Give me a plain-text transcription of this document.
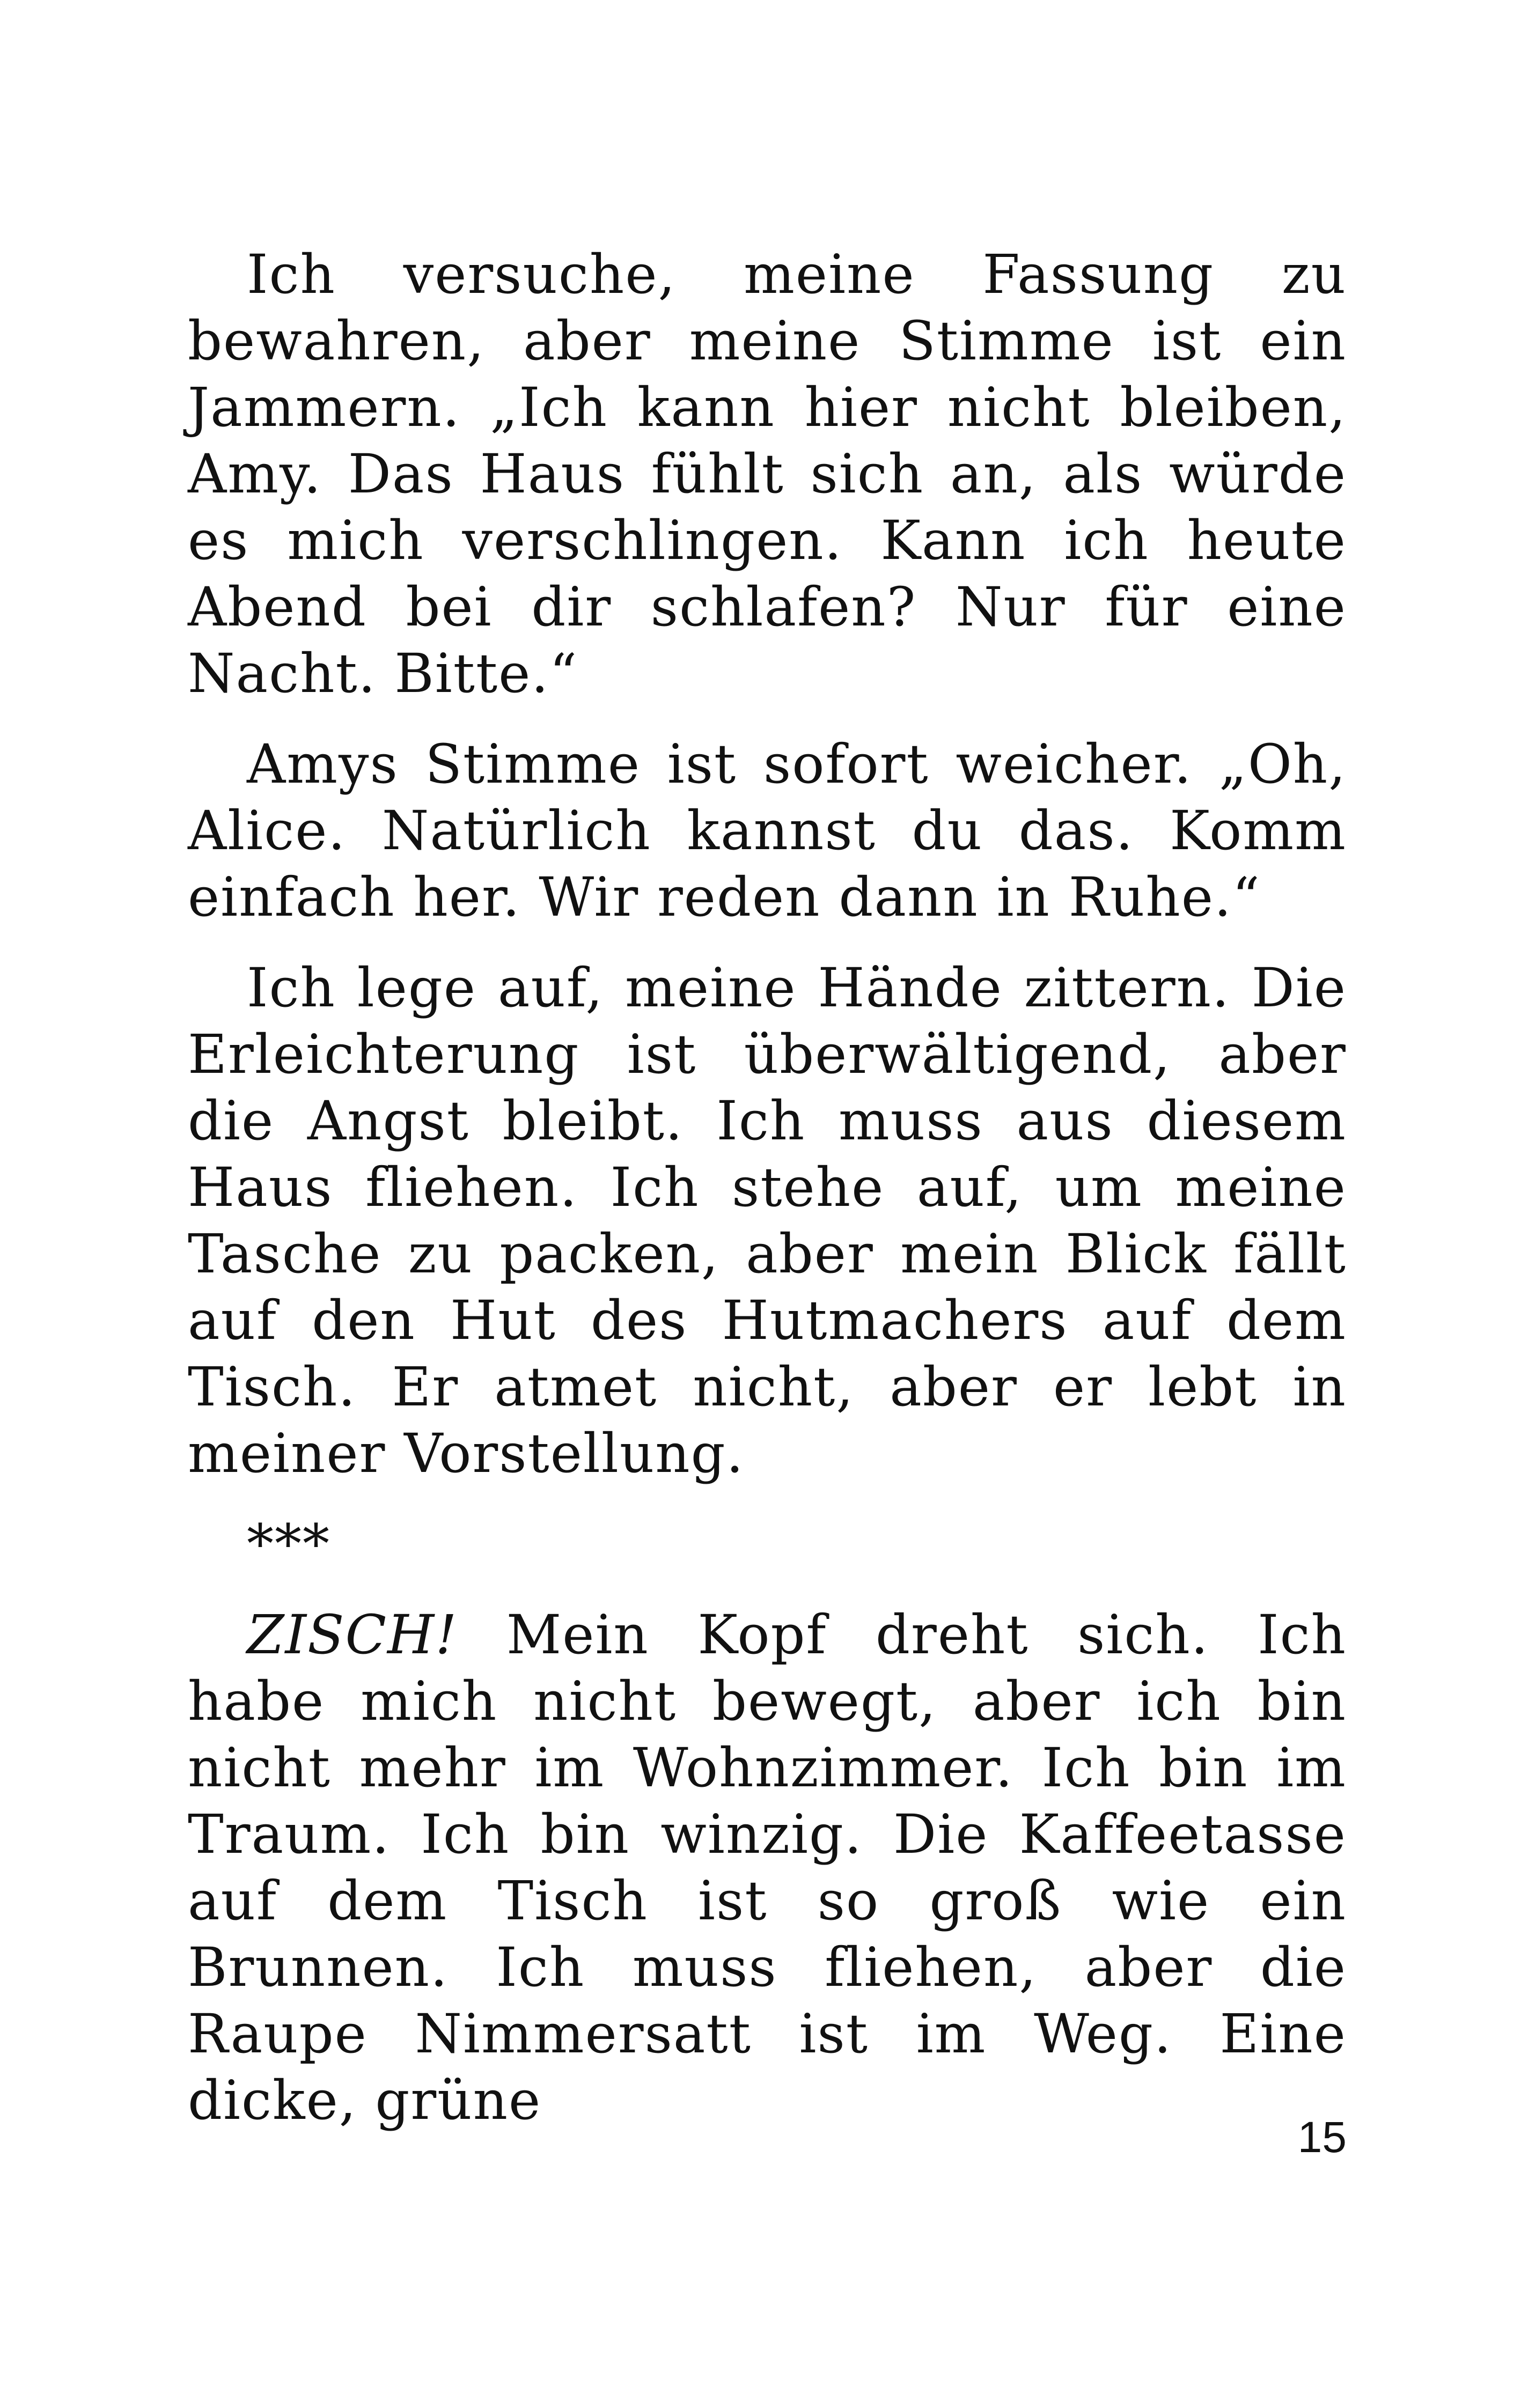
Ich versuche, meine Fassung zu bewahren, aber meine Stimme ist ein Jammern. „Ich kann hier nicht bleiben, Amy. Das Haus fühlt sich an, als würde es mich verschlingen. Kann ich heute Abend bei dir schlafen? Nur für eine Nacht. Bitte.“

Amys Stimme ist sofort weicher. „Oh, Alice. Natürlich kannst du das. Komm einfach her. Wir reden dann in Ruhe.“

Ich lege auf, meine Hände zittern. Die Erleichterung ist überwältigend, aber die Angst bleibt. Ich muss aus diesem Haus fliehen. Ich stehe auf, um meine Tasche zu packen, aber mein Blick fällt auf den Hut des Hutmachers auf dem Tisch. Er atmet nicht, aber er lebt in meiner Vorstellung.

***

ZISCH! Mein Kopf dreht sich. Ich habe mich nicht bewegt, aber ich bin nicht mehr im Wohnzimmer. Ich bin im Traum. Ich bin winzig. Die Kaffeetasse auf dem Tisch ist so groß wie ein Brunnen. Ich muss fliehen, aber die Raupe Nimmersatt ist im Weg. Eine dicke, grüne

15
